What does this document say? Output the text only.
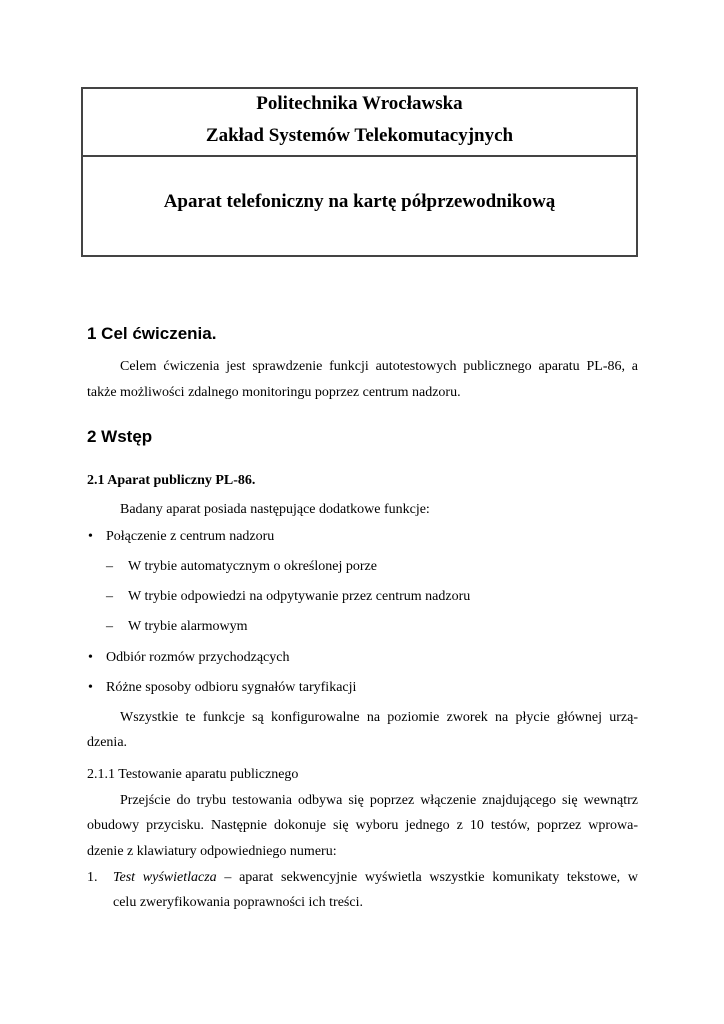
Politechnika Wrocławska
Zakład Systemów Telekomutacyjnych
Aparat telefoniczny na kartę półprzewodnikową
1 Cel ćwiczenia.
Celem ćwiczenia jest sprawdzenie funkcji autotestowych publicznego aparatu PL-86, a
także możliwości zdalnego monitoringu poprzez centrum nadzoru.
2 Wstęp
2.1 Aparat publiczny PL-86.
Badany aparat posiada następujące dodatkowe funkcje:
• Połączenie z centrum nadzoru
– W trybie automatycznym o określonej porze
– W trybie odpowiedzi na odpytywanie przez centrum nadzoru
– W trybie alarmowym
• Odbiór rozmów przychodzących
• Różne sposoby odbioru sygnałów taryfikacji
Wszystkie te funkcje są konfigurowalne na poziomie zworek na płycie głównej urzą-
dzenia.
2.1.1 Testowanie aparatu publicznego
Przejście do trybu testowania odbywa się poprzez włączenie znajdującego się wewnątrz
obudowy przycisku. Następnie dokonuje się wyboru jednego z 10 testów, poprzez wprowa-
dzenie z klawiatury odpowiedniego numeru:
1. Test wyświetlacza – aparat sekwencyjnie wyświetla wszystkie komunikaty tekstowe, w
celu zweryfikowania poprawności ich treści.
